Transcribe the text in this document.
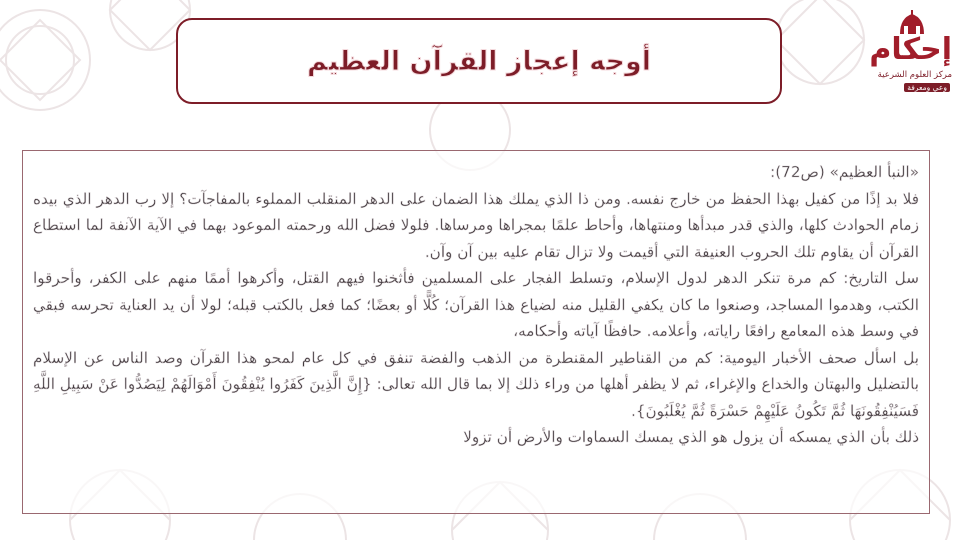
أوجه إعجاز القرآن العظيم	إحكام
مركز العلوم الشرعية
وعي ومعرفة

«النبأ العظيم» (ص72):

فلا بد إذًا من كفيل بهذا الحفظ من خارج نفسه. ومن ذا الذي يملك هذا الضمان على الدهر المنقلب المملوء بالمفاجآت؟ إلا رب الدهر الذي بيده زمام الحوادث كلها، والذي قدر مبدأها ومنتهاها، وأحاط علمًا بمجراها ومرساها. فلولا فضل الله ورحمته الموعود بهما في الآية الآنفة لما استطاع القرآن أن يقاوم تلك الحروب العنيفة التي أقيمت ولا تزال تقام عليه بين آن وآن.

سل التاريخ: كم مرة تنكر الدهر لدول الإسلام، وتسلط الفجار على المسلمين فأثخنوا فيهم القتل، وأكرهوا أممًا منهم على الكفر، وأحرقوا الكتب، وهدموا المساجد، وصنعوا ما كان يكفي القليل منه لضياع هذا القرآن؛ كُلًّا أو بعضًا؛ كما فعل بالكتب قبله؛ لولا أن يد العناية تحرسه فبقي في وسط هذه المعامع رافعًا راياته، وأعلامه. حافظًا آياته وأحكامه،

بل اسأل صحف الأخبار اليومية: كم من القناطير المقنطرة من الذهب والفضة تنفق في كل عام لمحو هذا القرآن وصد الناس عن الإسلام بالتضليل والبهتان والخداع والإغراء، ثم لا يظفر أهلها من وراء ذلك إلا بما قال الله تعالى: {إِنَّ الَّذِينَ كَفَرُوا يُنْفِقُونَ أَمْوَالَهُمْ لِيَصُدُّوا عَنْ سَبِيلِ اللَّهِ فَسَيُنْفِقُونَهَا ثُمَّ تَكُونُ عَلَيْهِمْ حَسْرَةً ثُمَّ يُغْلَبُونَ}.

ذلك بأن الذي يمسكه أن يزول هو الذي يمسك السماوات والأرض أن تزولا
